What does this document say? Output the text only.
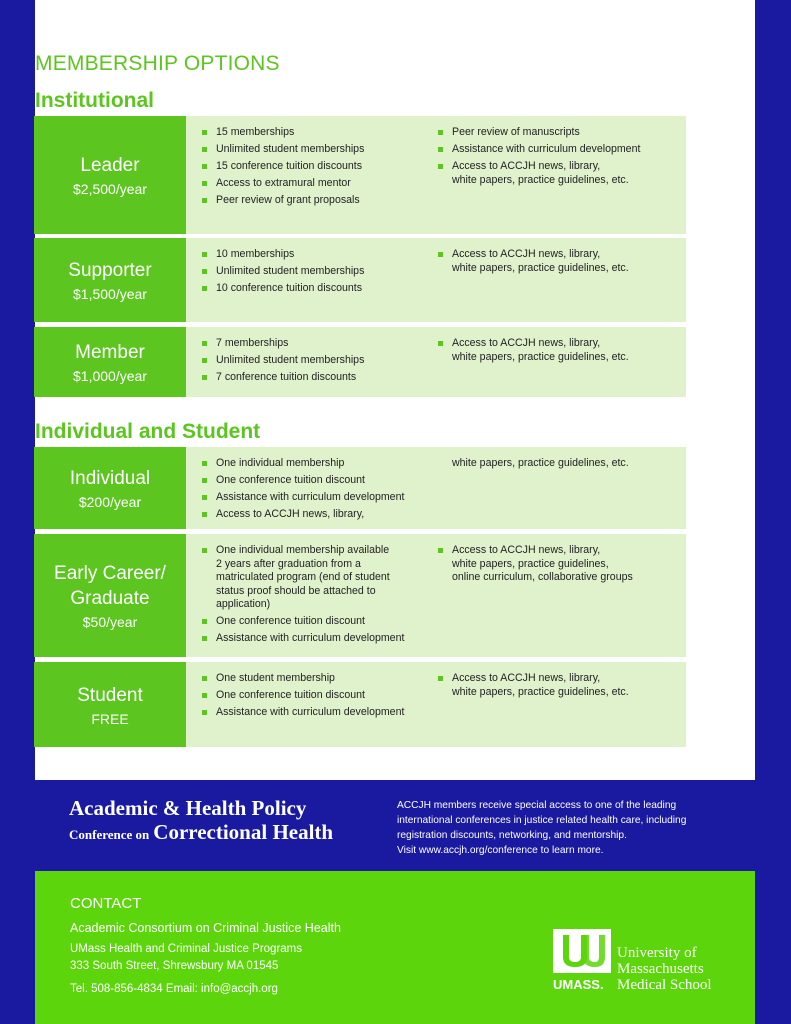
MEMBERSHIP OPTIONS
Institutional
Individual and Student
Leader
$2,500/year
15 memberships
Unlimited student memberships
15 conference tuition discounts
Access to extramural mentor
Peer review of grant proposals
Peer review of manuscripts
Assistance with curriculum development
Access to ACCJH news, library,
white papers, practice guidelines, etc.
Supporter
$1,500/year
10 memberships
Unlimited student memberships
10 conference tuition discounts
Access to ACCJH news, library,
white papers, practice guidelines, etc.
Member
$1,000/year
7 memberships
Unlimited student memberships
7 conference tuition discounts
Access to ACCJH news, library,
white papers, practice guidelines, etc.
Individual
$200/year
One individual membership
One conference tuition discount
Assistance with curriculum development
Access to ACCJH news, library,
white papers, practice guidelines, etc.
Early Career/
Graduate
$50/year
One individual membership available
2 years after graduation from a
matriculated program (end of student
status proof should be attached to
application)
One conference tuition discount
Assistance with curriculum development
Access to ACCJH news, library,
white papers, practice guidelines,
online curriculum, collaborative groups
Student
FREE
One student membership
One conference tuition discount
Assistance with curriculum development
Access to ACCJH news, library,
white papers, practice guidelines, etc.
Academic & Health Policy
Conference on Correctional Health
ACCJH members receive special access to one of the leading international conferences in justice related health care, including registration discounts, networking, and mentorship.
Visit www.accjh.org/conference to learn more.
CONTACT
Academic Consortium on Criminal Justice Health
UMass Health and Criminal Justice Programs
333 South Street, Shrewsbury MA 01545
Tel. 508-856-4834 Email: info@accjh.org	UMASS.
University of
Massachusetts
Medical School
